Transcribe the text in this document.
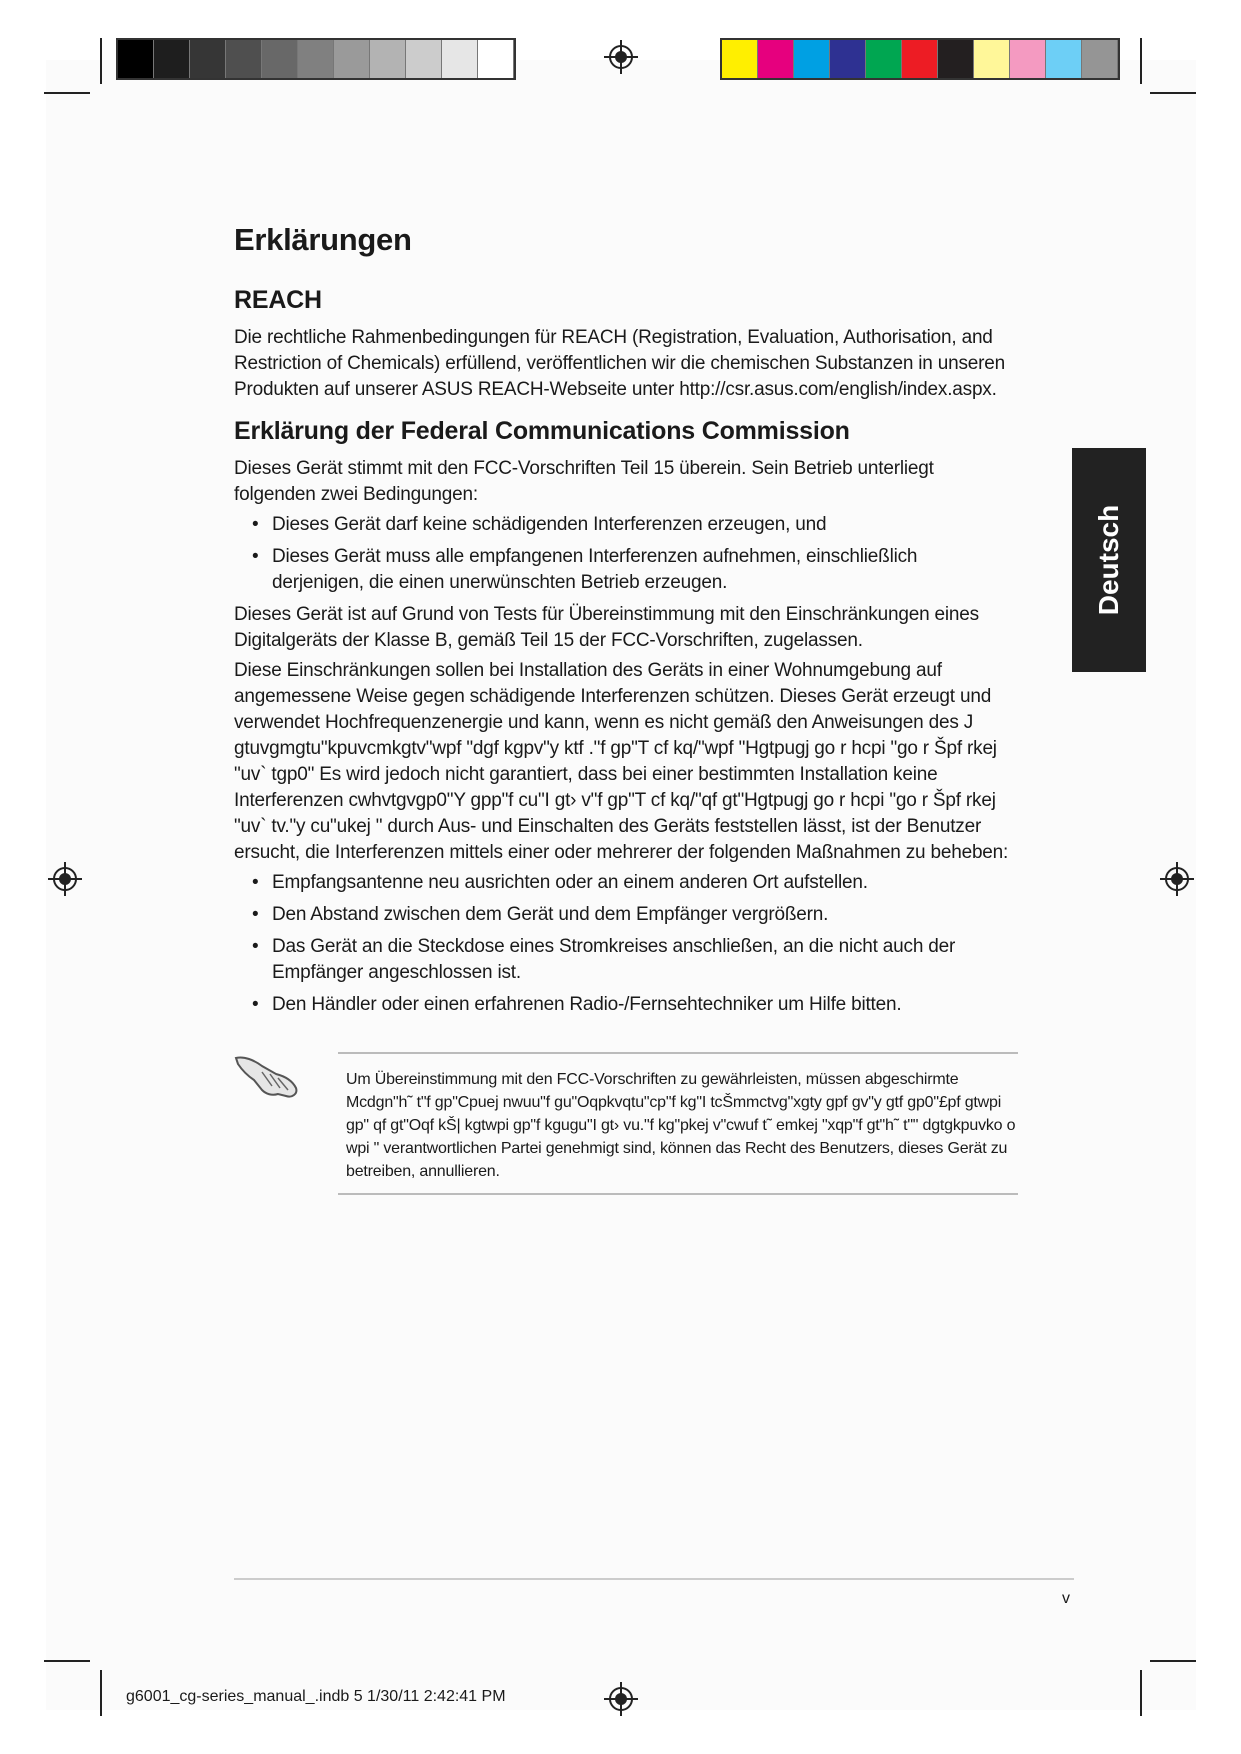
Erklärungen
REACH

Die rechtliche Rahmenbedingungen für REACH (Registration, Evaluation, Authorisation, and Restriction of Chemicals) erfüllend, veröffentlichen wir die chemischen Substanzen in unseren Produkten auf unserer ASUS REACH-Webseite unter http://csr.asus.com/english/index.aspx.

Erklärung der Federal Communications Commission

Dieses Gerät stimmt mit den FCC-Vorschriften Teil 15 überein. Sein Betrieb unterliegt folgenden zwei Bedingungen:

• Dieses Gerät darf keine schädigenden Interferenzen erzeugen, und
• Dieses Gerät muss alle empfangenen Interferenzen aufnehmen, einschließlich derjenigen, die einen unerwünschten Betrieb erzeugen.

Dieses Gerät ist auf Grund von Tests für Übereinstimmung mit den Einschränkungen eines Digitalgeräts der Klasse B, gemäß Teil 15 der FCC-Vorschriften, zugelassen.

Diese Einschränkungen sollen bei Installation des Geräts in einer Wohnumgebung auf angemessene Weise gegen schädigende Interferenzen schützen. Dieses Gerät erzeugt und verwendet Hochfrequenzenergie und kann, wenn es nicht gemäß den Anweisungen des J gtuvgmgtu"kpuvcmkgtv"wpf "dgf kgpv"y ktf ."f gp"T cf kq/"wpf "Hgtpugj go r hcpi "go r Špf rkej "uv` tgp0" Es wird jedoch nicht garantiert, dass bei einer bestimmten Installation keine Interferenzen cwhvtgvgp0"Y gpp"f cu"I gt› v"f gp"T cf kq/"qf gt"Hgtpugj go r hcpi "go r Špf rkej "uv` tv."y cu"ukej " durch Aus- und Einschalten des Geräts feststellen lässt, ist der Benutzer ersucht, die Interferenzen mittels einer oder mehrerer der folgenden Maßnahmen zu beheben:

• Empfangsantenne neu ausrichten oder an einem anderen Ort aufstellen.
• Den Abstand zwischen dem Gerät und dem Empfänger vergrößern.
• Das Gerät an die Steckdose eines Stromkreises anschließen, an die nicht auch der Empfänger angeschlossen ist.
• Den Händler oder einen erfahrenen Radio-/Fernsehtechniker um Hilfe bitten.
Deutsch

Um Übereinstimmung mit den FCC-Vorschriften zu gewährleisten, müssen abgeschirmte Mcdgn"h˜ t"f gp"Cpuej nwuu"f gu"Oqpkvqtu"cp"f kg"I tcŠmmctvg"xgty gpf gv"y gtf gp0"£pf gtwpi gp" qf gt"Oqf kŠ| kgtwpi gp"f kgugu"I gt› vu."f kg"pkej v"cwuf t˜ emkej "xqp"f gt"h˜ t"" dgtgkpuvko o wpi " verantwortlichen Partei genehmigt sind, können das Recht des Benutzers, dieses Gerät zu betreiben, annullieren.

v
g6001_cg-series_manual_.indb 5 1/30/11 2:42:41 PM
